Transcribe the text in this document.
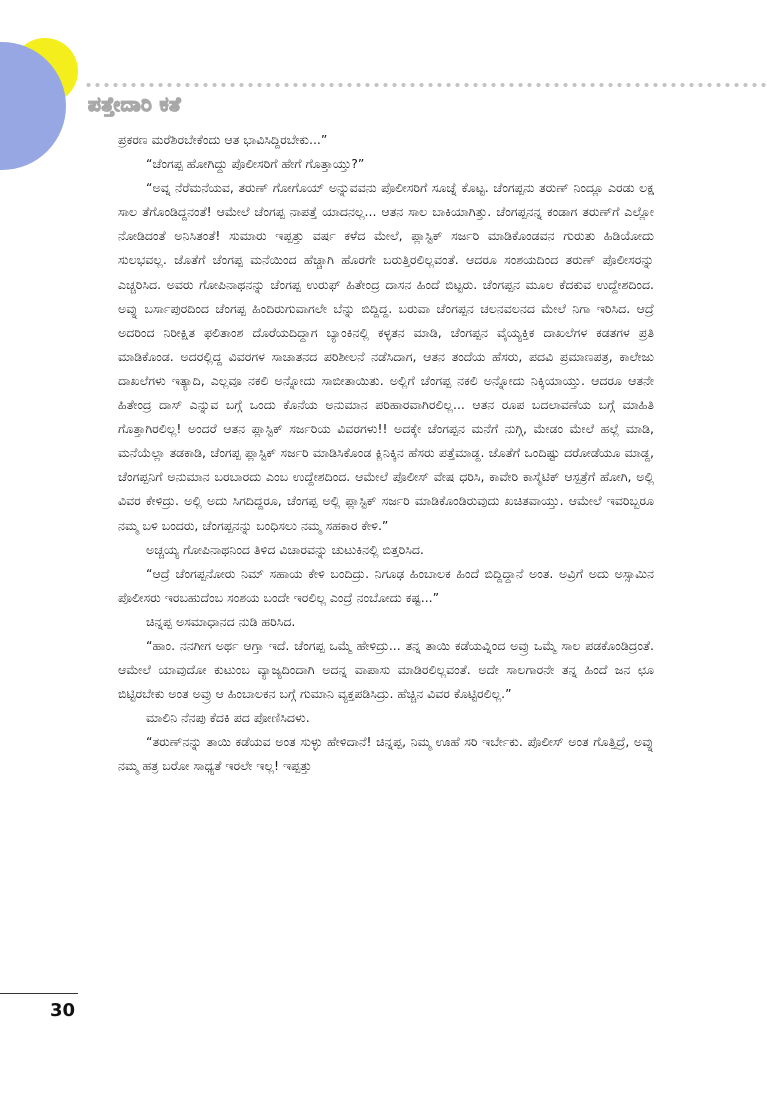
ಪತ್ತೇದಾರಿ ಕತೆ

ಪ್ರಕರಣ ಮರೆಶಿರಬೇಕೆಂದು ಆತ ಭಾವಿಸಿದ್ದಿರಬೇಕು...”

“ಚೆಂಗಪ್ಪ ಹೋಗಿದ್ದು ಪೊಲೀಸರಿಗೆ ಹೇಗೆ ಗೊತ್ತಾಯ್ತು?”

“ಅವ್ನ ನೆರೆಮನೆಯವ, ತರುಣ್ ಗೋಗೊಯ್ ಅನ್ನುವವನು ಪೊಲೀಸರಿಗೆ ಸೂಚ್ನೆ ಕೊಟ್ಟ. ಚೆಂಗಪ್ಪನು ತರುಣ್ ನಿಂದ್ಲೂ ಎರಡು ಲಕ್ಷ ಸಾಲ ತೆಗೊಂಡಿದ್ದನಂತೆ! ಆಮೇಲೆ ಚೆಂಗಪ್ಪ ನಾಪತ್ತೆ ಯಾದನಲ್ಲ... ಆತನ ಸಾಲ ಬಾಕಿಯಾಗಿತ್ತು. ಚೆಂಗಪ್ಪನನ್ನ ಕಂಡಾಗ ತರುಣ್‌ಗೆ ಎಲ್ಲೋ ನೋಡಿದಂತೆ ಅನಿಸಿತಂತೆ! ಸುಮಾರು ಇಪ್ಪತ್ತು ವರ್ಷ ಕಳೆದ ಮೇಲೆ, ಪ್ಲಾಸ್ಟಿಕ್ ಸರ್ಜರಿ ಮಾಡಿಕೊಂಡವನ ಗುರುತು ಹಿಡಿಯೋದು ಸುಲಭವಲ್ಲ. ಜೊತೆಗೆ ಚೆಂಗಪ್ಪ ಮನೆಯಿಂದ ಹೆಚ್ಚಾಗಿ ಹೊರಗೇ ಬರುತ್ತಿರಲಿಲ್ಲವಂತೆ. ಆದರೂ ಸಂಶಯದಿಂದ ತರುಣ್ ಪೊಲೀಸರನ್ನು ಎಚ್ಚರಿಸಿದ. ಅವರು ಗೋಪಿನಾಥನನ್ನು ಚೆಂಗಪ್ಪ ಉರುಫ್ ಹಿತೇಂದ್ರ ದಾಸನ ಹಿಂದೆ ಬಿಟ್ಟರು. ಚೆಂಗಪ್ಪನ ಮೂಲ ಕೆದಕುವ ಉದ್ದೇಶದಿಂದ. ಅವ್ನು ಬರ್ಸಾಪುರದಿಂದ ಚೆಂಗಪ್ಪ ಹಿಂದಿರುಗುವಾಗಲೇ ಬೆನ್ನು ಬಿದ್ದಿದ್ದ. ಬರುವಾ ಚೆಂಗಪ್ಪನ ಚಲನವಲನದ ಮೇಲೆ ನಿಗಾ ಇರಿಸಿದ. ಆದ್ರೆ ಅದರಿಂದ ನಿರೀಕ್ಷಿತ ಫಲಿತಾಂಶ ದೊರೆಯದಿದ್ದಾಗ ಬ್ಯಾಂಕಿನಲ್ಲಿ ಕಳ್ಳತನ ಮಾಡಿ, ಚೆಂಗಪ್ಪನ ವೈಯ್ಯಕ್ತಿಕ ದಾಖಲೆಗಳ ಕಡತಗಳ ಪ್ರತಿ ಮಾಡಿಕೊಂಡ. ಅದರಲ್ಲಿದ್ದ ವಿವರಗಳ ಸಾಚಾತನದ ಪರಿಶೀಲನೆ ನಡೆಸಿದಾಗ, ಆತನ ತಂದೆಯ ಹೆಸರು, ಪದವಿ ಪ್ರಮಾಣಪತ್ರ, ಕಾಲೇಜು ದಾಖಲೆಗಳು ಇತ್ಯಾದಿ, ಎಲ್ಲವೂ ನಕಲಿ ಅನ್ನೋದು ಸಾಬೀತಾಯಿತು. ಅಲ್ಲಿಗೆ ಚೆಂಗಪ್ಪ ನಕಲಿ ಅನ್ನೋದು ನಿಕ್ಕಿಯಾಯ್ತು. ಆದರೂ ಆತನೇ ಹಿತೇಂದ್ರ ದಾಸ್ ಎನ್ನುವ ಬಗ್ಗೆ ಒಂದು ಕೊನೆಯ ಅನುಮಾನ ಪರಿಹಾರವಾಗಿರಲಿಲ್ಲ... ಆತನ ರೂಪ ಬದಲಾವಣೆಯ ಬಗ್ಗೆ ಮಾಹಿತಿ ಗೊತ್ತಾಗಿರಲಿಲ್ಲ! ಅಂದರೆ ಆತನ ಪ್ಲಾಸ್ಟಿಕ್ ಸರ್ಜರಿಯ ವಿವರಗಳು!! ಅದಕ್ಕೇ ಚೆಂಗಪ್ಪನ ಮನೆಗೆ ನುಗ್ಗಿ, ಮೇಡಂ ಮೇಲೆ ಹಲ್ಲೆ ಮಾಡಿ, ಮನೆಯೆಲ್ಲಾ ತಡಕಾಡಿ, ಚೆಂಗಪ್ಪ ಪ್ಲಾಸ್ಟಿಕ್ ಸರ್ಜರಿ ಮಾಡಿಸಿಕೊಂಡ ಕ್ಲಿನಿಕ್ಕಿನ ಹೆಸರು ಪತ್ತೆಮಾಡ್ದ. ಜೊತೆಗೆ ಒಂದಿಷ್ಟು ದರೋಡೆಯೂ ಮಾಡ್ದ, ಚೆಂಗಪ್ಪನಿಗೆ ಅನುಮಾನ ಬರಬಾರದು ಎಂಬ ಉದ್ದೇಶದಿಂದ. ಆಮೇಲೆ ಪೊಲೀಸ್ ವೇಷ ಧರಿಸಿ, ಕಾವೇರಿ ಕಾಸ್ಮೆಟಿಕ್ ಆಸ್ಪತ್ರೆಗೆ ಹೋಗಿ, ಅಲ್ಲಿ ವಿವರ ಕೇಳಿದ್ರು. ಅಲ್ಲಿ ಅದು ಸಿಗದಿದ್ದರೂ, ಚೆಂಗಪ್ಪ ಅಲ್ಲಿ ಪ್ಲಾಸ್ಟಿಕ್ ಸರ್ಜರಿ ಮಾಡಿಕೊಂಡಿರುವುದು ಖಚಿತವಾಯ್ತು. ಆಮೇಲೆ ಇವರಿಬ್ಬರೂ ನಮ್ಮ ಬಳಿ ಬಂದರು, ಚೆಂಗಪ್ಪನನ್ನು ಬಂಧಿಸಲು ನಮ್ಮ ಸಹಕಾರ ಕೇಳಿ.”

ಅಚ್ಚಯ್ಯ ಗೋಪಿನಾಥನಿಂದ ತಿಳಿದ ವಿಚಾರವನ್ನು ಚುಟುಕಿನಲ್ಲಿ ಬಿತ್ತರಿಸಿದ.

“ಆದ್ರೆ ಚೆಂಗಪ್ಪನೋರು ನಿಮ್ ಸಹಾಯ ಕೇಳಿ ಬಂದಿದ್ರು. ನಿಗೂಢ ಹಿಂಬಾಲಕ ಹಿಂದೆ ಬಿದ್ದಿದ್ದಾನೆ ಅಂತ. ಅವ್ರಿಗೆ ಅದು ಅಸ್ಸಾಮಿನ ಪೊಲೀಸರು ಇರಬಹುದೆಂಬ ಸಂಶಯ ಬಂದೇ ಇರಲಿಲ್ಲ ಎಂದ್ರೆ ನಂಬೋದು ಕಷ್ಟ...”

ಚಿನ್ನಪ್ಪ ಅಸಮಾಧಾನದ ನುಡಿ ಹರಿಸಿದ.

“ಹಾಂ. ನನಗೀಗ ಅರ್ಥ ಆಗ್ತಾ ಇದೆ. ಚೆಂಗಪ್ಪ ಒಮ್ಮೆ ಹೇಳಿದ್ರು... ತನ್ನ ತಾಯಿ ಕಡೆಯವ್ನಿಂದ ಅವ್ರು ಒಮ್ಮೆ ಸಾಲ ಪಡಕೊಂಡಿದ್ರಂತೆ. ಆಮೇಲೆ ಯಾವುದೋ ಕುಟುಂಬ ವ್ಯಾಜ್ಯದಿಂದಾಗಿ ಅದನ್ನ ವಾಪಾಸು ಮಾಡಿರಲಿಲ್ಲವಂತೆ. ಅದೇ ಸಾಲಗಾರನೇ ತನ್ನ ಹಿಂದೆ ಜನ ಛೂ ಬಿಟ್ಟಿರಬೇಕು ಅಂತ ಅವ್ರು ಆ ಹಿಂಬಾಲಕನ ಬಗ್ಗೆ ಗುಮಾನಿ ವ್ಯಕ್ತಪಡಿಸಿದ್ರು. ಹೆಚ್ಚಿನ ವಿವರ ಕೊಟ್ಟಿರಲಿಲ್ಲ.”

ಮಾಲಿನಿ ನೆನಪು ಕೆದಕಿ ಪದ ಪೋಣಿಸಿದಳು.

“ತರುಣ್‌ನನ್ನು ತಾಯಿ ಕಡೆಯವ ಅಂತ ಸುಳ್ಳು ಹೇಳಿದಾನೆ! ಚಿನ್ನಪ್ಪ, ನಿಮ್ಮ ಊಹೆ ಸರಿ ಇರ್ಬೇಕು. ಪೊಲೀಸ್ ಅಂತ ಗೊತ್ತಿದ್ರೆ, ಅವ್ನು ನಮ್ಮ ಹತ್ರ ಬರೋ ಸಾಧ್ಯತೆ ಇರಲೇ ಇಲ್ಲ! ಇಪ್ಪತ್ತು

30
